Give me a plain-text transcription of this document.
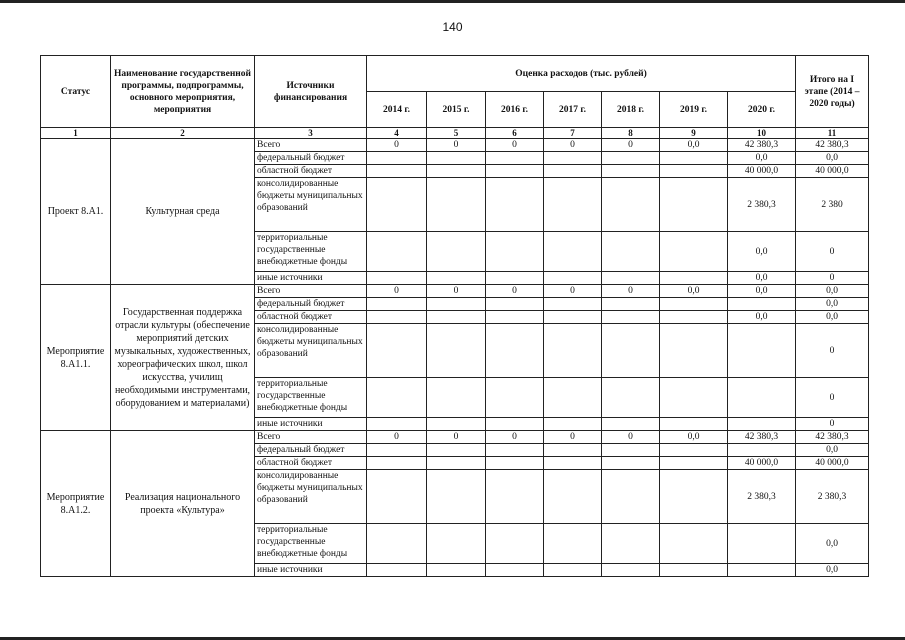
140
Статус	Наименование государственной программы, подпрограммы, основного мероприятия, мероприятия	Источники финансирования	Оценка расходов (тыс. рублей)							Итого на I этапе (2014 – 2020 годы)
			2014 г.	2015 г.	2016 г.	2017 г.	2018 г.	2019 г.	2020 г.	
1	2	3	4	5	6	7	8	9	10	11
Проект 8.А1.	Культурная среда	Всего	0	0	0	0	0	0,0	42 380,3	42 380,3
		федеральный бюджет							0,0	0,0
		областной бюджет							40 000,0	40 000,0
		консолидированные бюджеты муниципальных образований							2 380,3	2 380
		территориальные государственные внебюджетные фонды							0,0	0
		иные источники							0,0	0
Мероприятие 8.А1.1.	Государственная поддержка отрасли культуры (обеспечение мероприятий детских музыкальных, художественных, хореографических школ, школ искусства, училищ необходимыми инструментами, оборудованием и материалами)	Всего	0	0	0	0	0	0,0	0,0	0,0
		федеральный бюджет								0,0
		областной бюджет							0,0	0,0
		консолидированные бюджеты муниципальных образований								0
		территориальные государственные внебюджетные фонды								0
		иные источники								0
Мероприятие 8.А1.2.	Реализация национального проекта «Культура»	Всего	0	0	0	0	0	0,0	42 380,3	42 380,3
		федеральный бюджет								0,0
		областной бюджет							40 000,0	40 000,0
		консолидированные бюджеты муниципальных образований							2 380,3	2 380,3
		территориальные государственные внебюджетные фонды								0,0
		иные источники								0,0
